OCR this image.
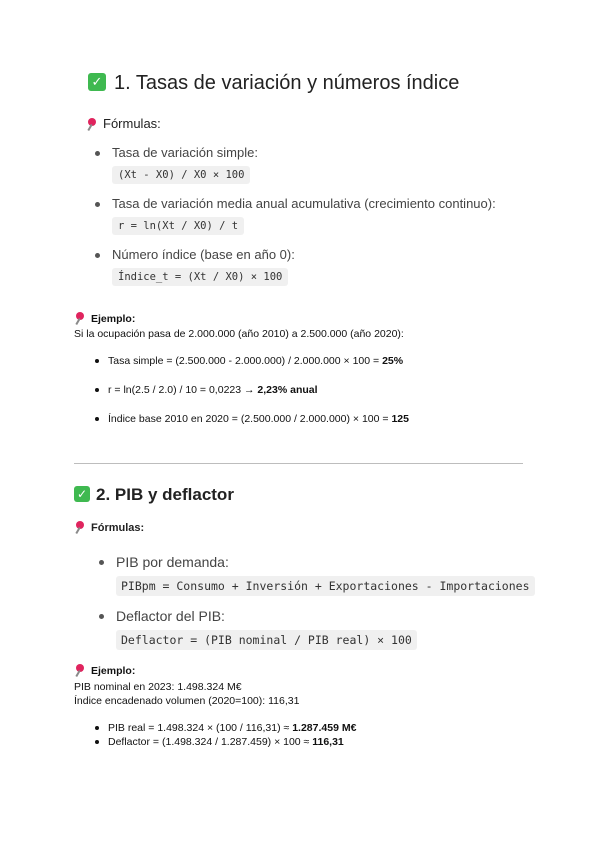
✓ 1. Tasas de variación y números índice
Fórmulas:
Tasa de variación simple:
(Xt - X0) / X0 × 100
Tasa de variación media anual acumulativa (crecimiento continuo):
r = ln(Xt / X0) / t
Número índice (base en año 0):
Índice_t = (Xt / X0) × 100
Ejemplo:
Si la ocupación pasa de 2.000.000 (año 2010) a 2.500.000 (año 2020):
Tasa simple = (2.500.000 - 2.000.000) / 2.000.000 × 100 = 25%
r = ln(2.5 / 2.0) / 10 = 0,0223 → 2,23% anual
Índice base 2010 en 2020 = (2.500.000 / 2.000.000) × 100 = 125
✓ 2. PIB y deflactor
Fórmulas:
PIB por demanda:
PIBpm = Consumo + Inversión + Exportaciones - Importaciones
Deflactor del PIB:
Deflactor = (PIB nominal / PIB real) × 100
Ejemplo:
PIB nominal en 2023: 1.498.324 M€
Índice encadenado volumen (2020=100): 116,31
PIB real = 1.498.324 × (100 / 116,31) ≈ 1.287.459 M€
Deflactor = (1.498.324 / 1.287.459) × 100 ≈ 116,31
